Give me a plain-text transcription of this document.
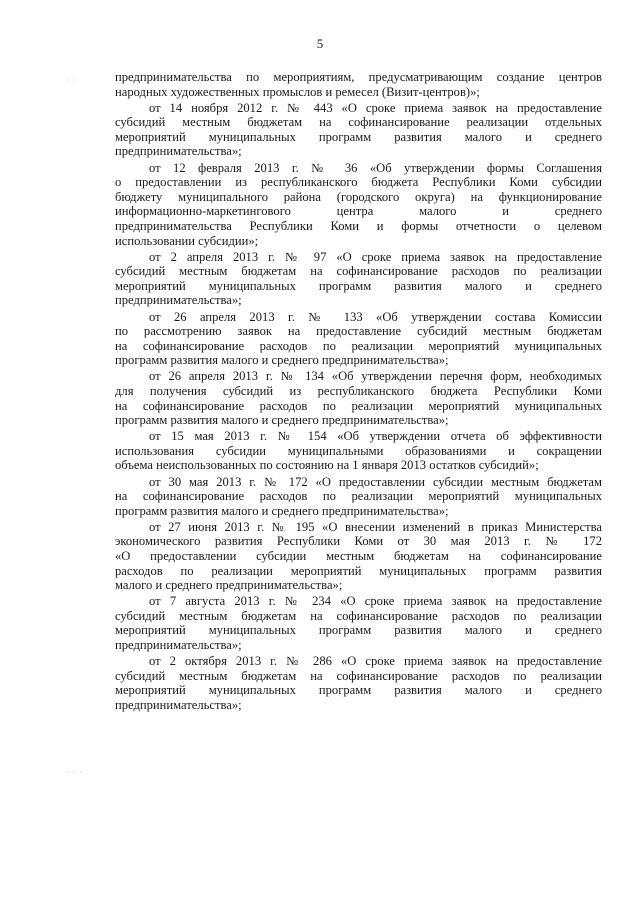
5
· ·
· · ·

предпринимательства по мероприятиям, предусматривающим создание центров
народных художественных промыслов и ремесел (Визит-центров)»;

от 14 ноября 2012 г. № 443 «О сроке приема заявок на предоставление
субсидий местным бюджетам на софинансирование реализации отдельных
мероприятий муниципальных программ развития малого и среднего
предпринимательства»;

от 12 февраля 2013 г. № 36 «Об утверждении формы Соглашения
о предоставлении из республиканского бюджета Республики Коми субсидии
бюджету муниципального района (городского округа) на функционирование
информационно-маркетингового центра малого и среднего
предпринимательства Республики Коми и формы отчетности о целевом
использовании субсидии»;

от 2 апреля 2013 г. № 97 «О сроке приема заявок на предоставление
субсидий местным бюджетам на софинансирование расходов по реализации
мероприятий муниципальных программ развития малого и среднего
предпринимательства»;

от 26 апреля 2013 г. № 133 «Об утверждении состава Комиссии
по рассмотрению заявок на предоставление субсидий местным бюджетам
на софинансирование расходов по реализации мероприятий муниципальных
программ развития малого и среднего предпринимательства»;

от 26 апреля 2013 г. № 134 «Об утверждении перечня форм, необходимых
для получения субсидий из республиканского бюджета Республики Коми
на софинансирование расходов по реализации мероприятий муниципальных
программ развития малого и среднего предпринимательства»;

от 15 мая 2013 г. № 154 «Об утверждении отчета об эффективности
использования субсидии муниципальными образованиями и сокращении
объема неиспользованных по состоянию на 1 января 2013 остатков субсидий»;

от 30 мая 2013 г. № 172 «О предоставлении субсидии местным бюджетам
на софинансирование расходов по реализации мероприятий муниципальных
программ развития малого и среднего предпринимательства»;

от 27 июня 2013 г. № 195 «О внесении изменений в приказ Министерства
экономического развития Республики Коми от 30 мая 2013 г. № 172
«О предоставлении субсидии местным бюджетам на софинансирование
расходов по реализации мероприятий муниципальных программ развития
малого и среднего предпринимательства»;

от 7 августа 2013 г. № 234 «О сроке приема заявок на предоставление
субсидий местным бюджетам на софинансирование расходов по реализации
мероприятий муниципальных программ развития малого и среднего
предпринимательства»;

от 2 октября 2013 г. № 286 «О сроке приема заявок на предоставление
субсидий местным бюджетам на софинансирование расходов по реализации
мероприятий муниципальных программ развития малого и среднего
предпринимательства»;
